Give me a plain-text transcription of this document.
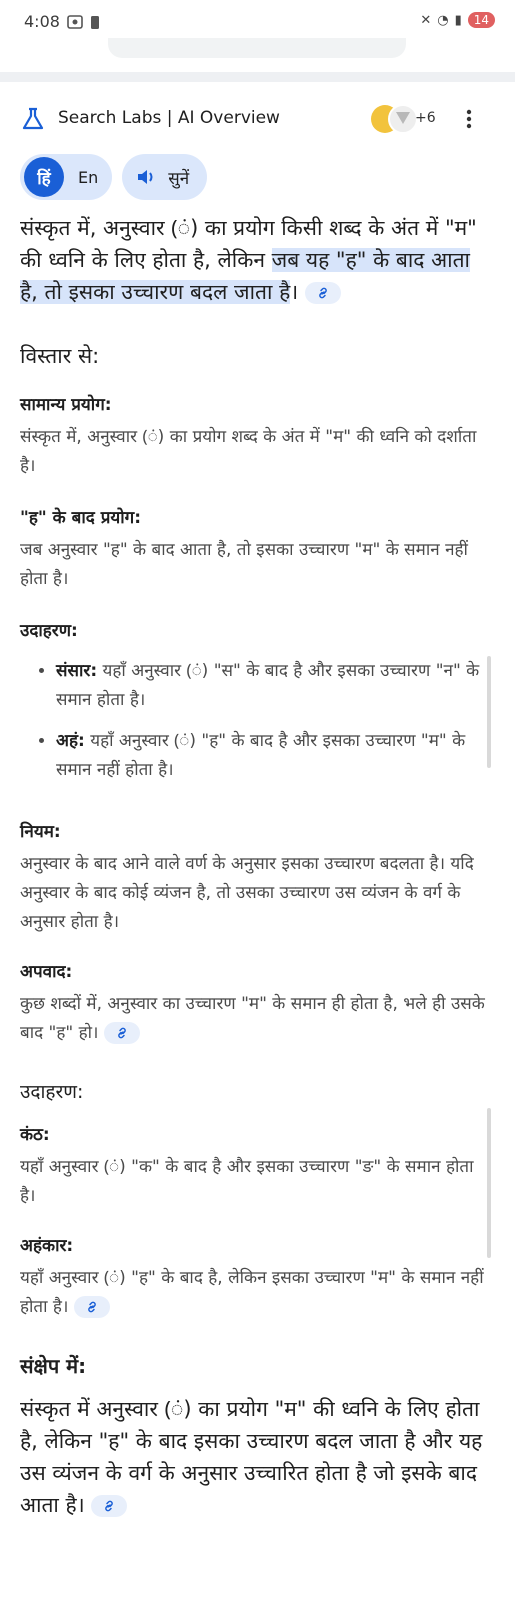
4:08	✕ ◔ ▮	14
Search Labs | AI Overview	+6
हिं	En	सुनें

संस्कृत में, अनुस्वार (ं) का प्रयोग किसी शब्द के अंत में "म" की ध्वनि के लिए होता है, लेकिन जब यह "ह" के बाद आता है, तो इसका उच्चारण बदल जाता है।

विस्तार से:
सामान्य प्रयोग:

संस्कृत में, अनुस्वार (ं) का प्रयोग शब्द के अंत में "म" की ध्वनि को दर्शाता है।

"ह" के बाद प्रयोग:

जब अनुस्वार "ह" के बाद आता है, तो इसका उच्चारण "म" के समान नहीं होता है।

उदाहरण:
• संसार: यहाँ अनुस्वार (ं) "स" के बाद है और इसका उच्चारण "न" के समान होता है।
• अहं: यहाँ अनुस्वार (ं) "ह" के बाद है और इसका उच्चारण "म" के समान नहीं होता है।
नियम:

अनुस्वार के बाद आने वाले वर्ण के अनुसार इसका उच्चारण बदलता है। यदि अनुस्वार के बाद कोई व्यंजन है, तो उसका उच्चारण उस व्यंजन के वर्ग के अनुसार होता है।

अपवाद:

कुछ शब्दों में, अनुस्वार का उच्चारण "म" के समान ही होता है, भले ही उसके बाद "ह" हो।

उदाहरण:
कंठ:

यहाँ अनुस्वार (ं) "क" के बाद है और इसका उच्चारण "ङ" के समान होता है।

अहंकार:

यहाँ अनुस्वार (ं) "ह" के बाद है, लेकिन इसका उच्चारण "म" के समान नहीं होता है।

संक्षेप में:

संस्कृत में अनुस्वार (ं) का प्रयोग "म" की ध्वनि के लिए होता है, लेकिन "ह" के बाद इसका उच्चारण बदल जाता है और यह उस व्यंजन के वर्ग के अनुसार उच्चारित होता है जो इसके बाद आता है।
